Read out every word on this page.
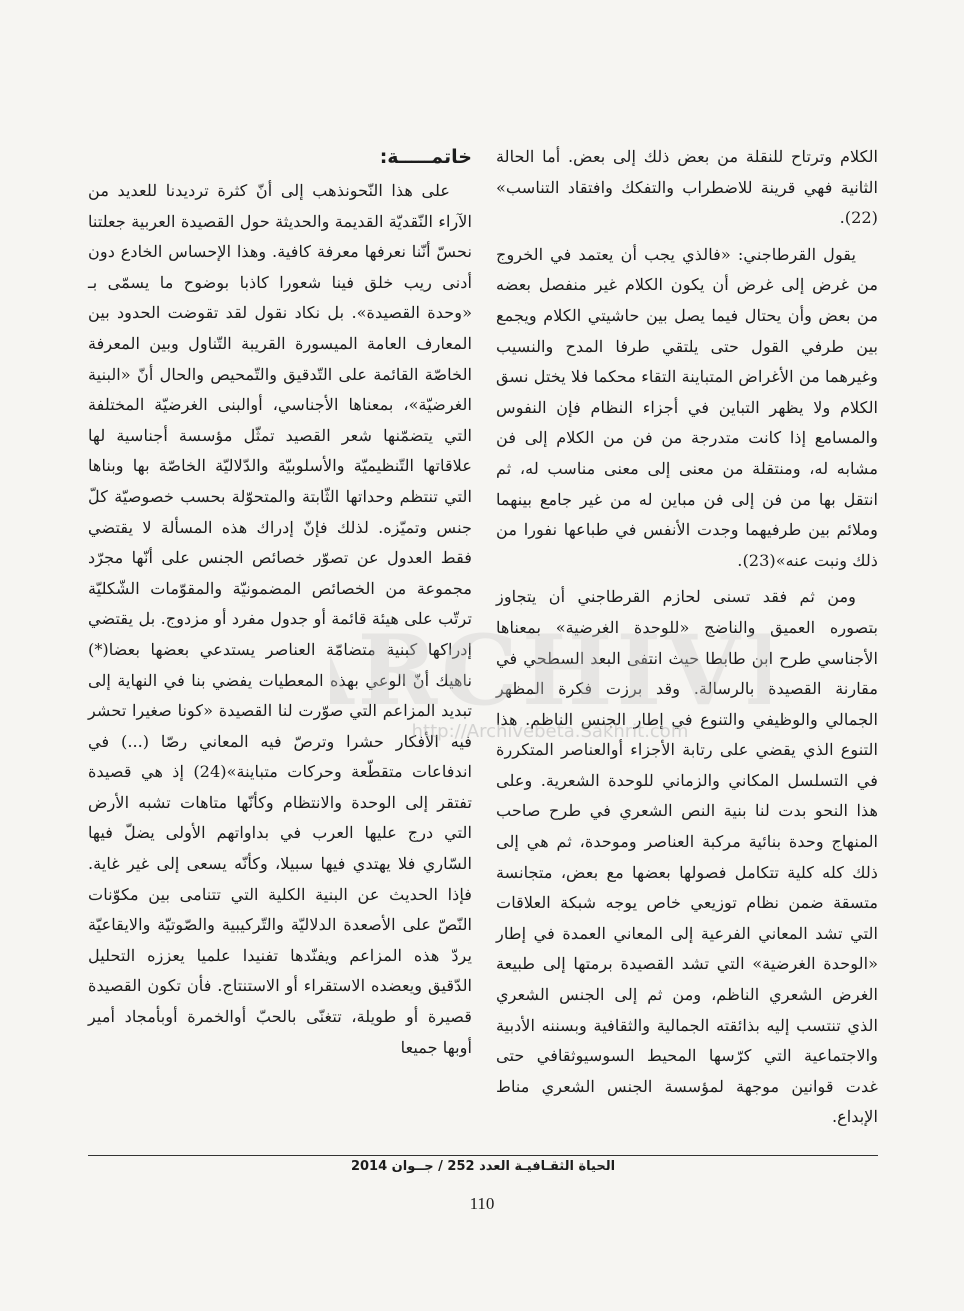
الكلام وترتاح للنقلة من بعض ذلك إلى بعض. أما الحالة الثانية فهي قرينة للاضطراب والتفكك وافتقاد التناسب» (22).

يقول القرطاجني: «فالذي يجب أن يعتمد في الخروج من غرض إلى غرض أن يكون الكلام غير منفصل بعضه من بعض وأن يحتال فيما يصل بين حاشيتي الكلام ويجمع بين طرفي القول حتى يلتقي طرفا المدح والنسيب وغيرهما من الأغراض المتباينة التقاء محكما فلا يختل نسق الكلام ولا يظهر التباين في أجزاء النظام فإن النفوس والمسامع إذا كانت متدرجة من فن من الكلام إلى فن مشابه له، ومنتقلة من معنى إلى معنى مناسب له، ثم انتقل بها من فن إلى فن مباين له من غير جامع بينهما وملائم بين طرفيهما وجدت الأنفس في طباعها نفورا من ذلك ونبت عنه»(23).

ومن ثم فقد تسنى لحازم القرطاجني أن يتجاوز بتصوره العميق والناضج «للوحدة الغرضية» بمعناها الأجناسي طرح ابن طابطا حيث انتفى البعد السطحي في مقارنة القصيدة بالرسالة. وقد برزت فكرة المظهر الجمالي والوظيفي والتنوع في إطار الجنس الناظم. هذا التنوع الذي يقضي على رتابة الأجزاء أوالعناصر المتكررة في التسلسل المكاني والزماني للوحدة الشعرية. وعلى هذا النحو بدت لنا بنية النص الشعري في طرح صاحب المنهاج وحدة بنائية مركبة العناصر وموحدة، ثم هي إلى ذلك كله كلية تتكامل فصولها بعضها مع بعض، متجانسة متسقة ضمن نظام توزيعي خاص يوجه شبكة العلاقات التي تشد المعاني الفرعية إلى المعاني العمدة في إطار «الوحدة الغرضية» التي تشد القصيدة برمتها إلى طبيعة الغرض الشعري الناظم، ومن ثم إلى الجنس الشعري الذي تنتسب إليه بذائقته الجمالية والثقافية وبسننه الأدبية والاجتماعية التي كرّسها المحيط السوسيوثقافي حتى غدت قوانين موجهة لمؤسسة الجنس الشعري مناط الإبداع.

خاتمـــــة:

على هذا النّحونذهب إلى أنّ كثرة ترديدنا للعديد من الآراء النّقديّة القديمة والحديثة حول القصيدة العربية جعلتنا نحسّ أنّنا نعرفها معرفة كافية. وهذا الإحساس الخادع دون أدنى ريب خلق فينا شعورا كاذبا بوضوح ما يسمّى بـ «وحدة القصيدة». بل نكاد نقول لقد تقوضت الحدود بين المعارف العامة الميسورة القريبة التّناول وبين المعرفة الخاصّة القائمة على التّدقيق والتّمحيص والحال أنّ «البنية الغرضيّة»، بمعناها الأجناسي، أوالبنى الغرضيّة المختلفة التي يتضمّنها شعر القصيد تمثّل مؤسسة أجناسية لها علاقاتها التّنظيميّة والأسلوبيّة والدّلاليّة الخاصّة بها وبناها التي تنتظم وحداتها الثّابتة والمتحوّلة بحسب خصوصيّة كلّ جنس وتميّزه. لذلك فإنّ إدراك هذه المسألة لا يقتضي فقط العدول عن تصوّر خصائص الجنس على أنّها مجرّد مجموعة من الخصائص المضمونيّة والمقوّمات الشّكليّة ترتّب على هيئة قائمة أو جدول مفرد أو مزدوج. بل يقتضي إدراكها كبنية متضامّة العناصر يستدعي بعضها بعضا(*) ناهيك أنّ الوعي بهذه المعطيات يفضي بنا في النهاية إلى تبديد المزاعم التي صوّرت لنا القصيدة «كونا صغيرا تحشر فيه الأفكار حشرا وترصّ فيه المعاني رصّا (...) في اندفاعات متقطّعة وحركات متباينة»(24) إذ هي قصيدة تفتقر إلى الوحدة والانتظام وكأنّها متاهات تشبه الأرض التي درج عليها العرب في بداواتهم الأولى يضلّ فيها السّاري فلا يهتدي فيها سبيلا، وكأنّه يسعى إلى غير غاية. فإذا الحديث عن البنية الكلية التي تتنامى بين مكوّنات النّصّ على الأصعدة الدلاليّة والتّركيبية والصّوتيّة والايقاعيّة يردّ هذه المزاعم ويفنّدها تفنيدا علميا يعززه التحليل الدّقيق ويعضده الاستقراء أو الاستنتاج. فأن تكون القصيدة قصيرة أو طويلة، تتغنّى بالحبّ أوالخمرة أوبأمجاد أمير أوبها جميعا

RCHIV
http://Archivebeta.Sakhrit.com
الحياة الثقـافيـة العدد 252 / جــوان 2014
110
